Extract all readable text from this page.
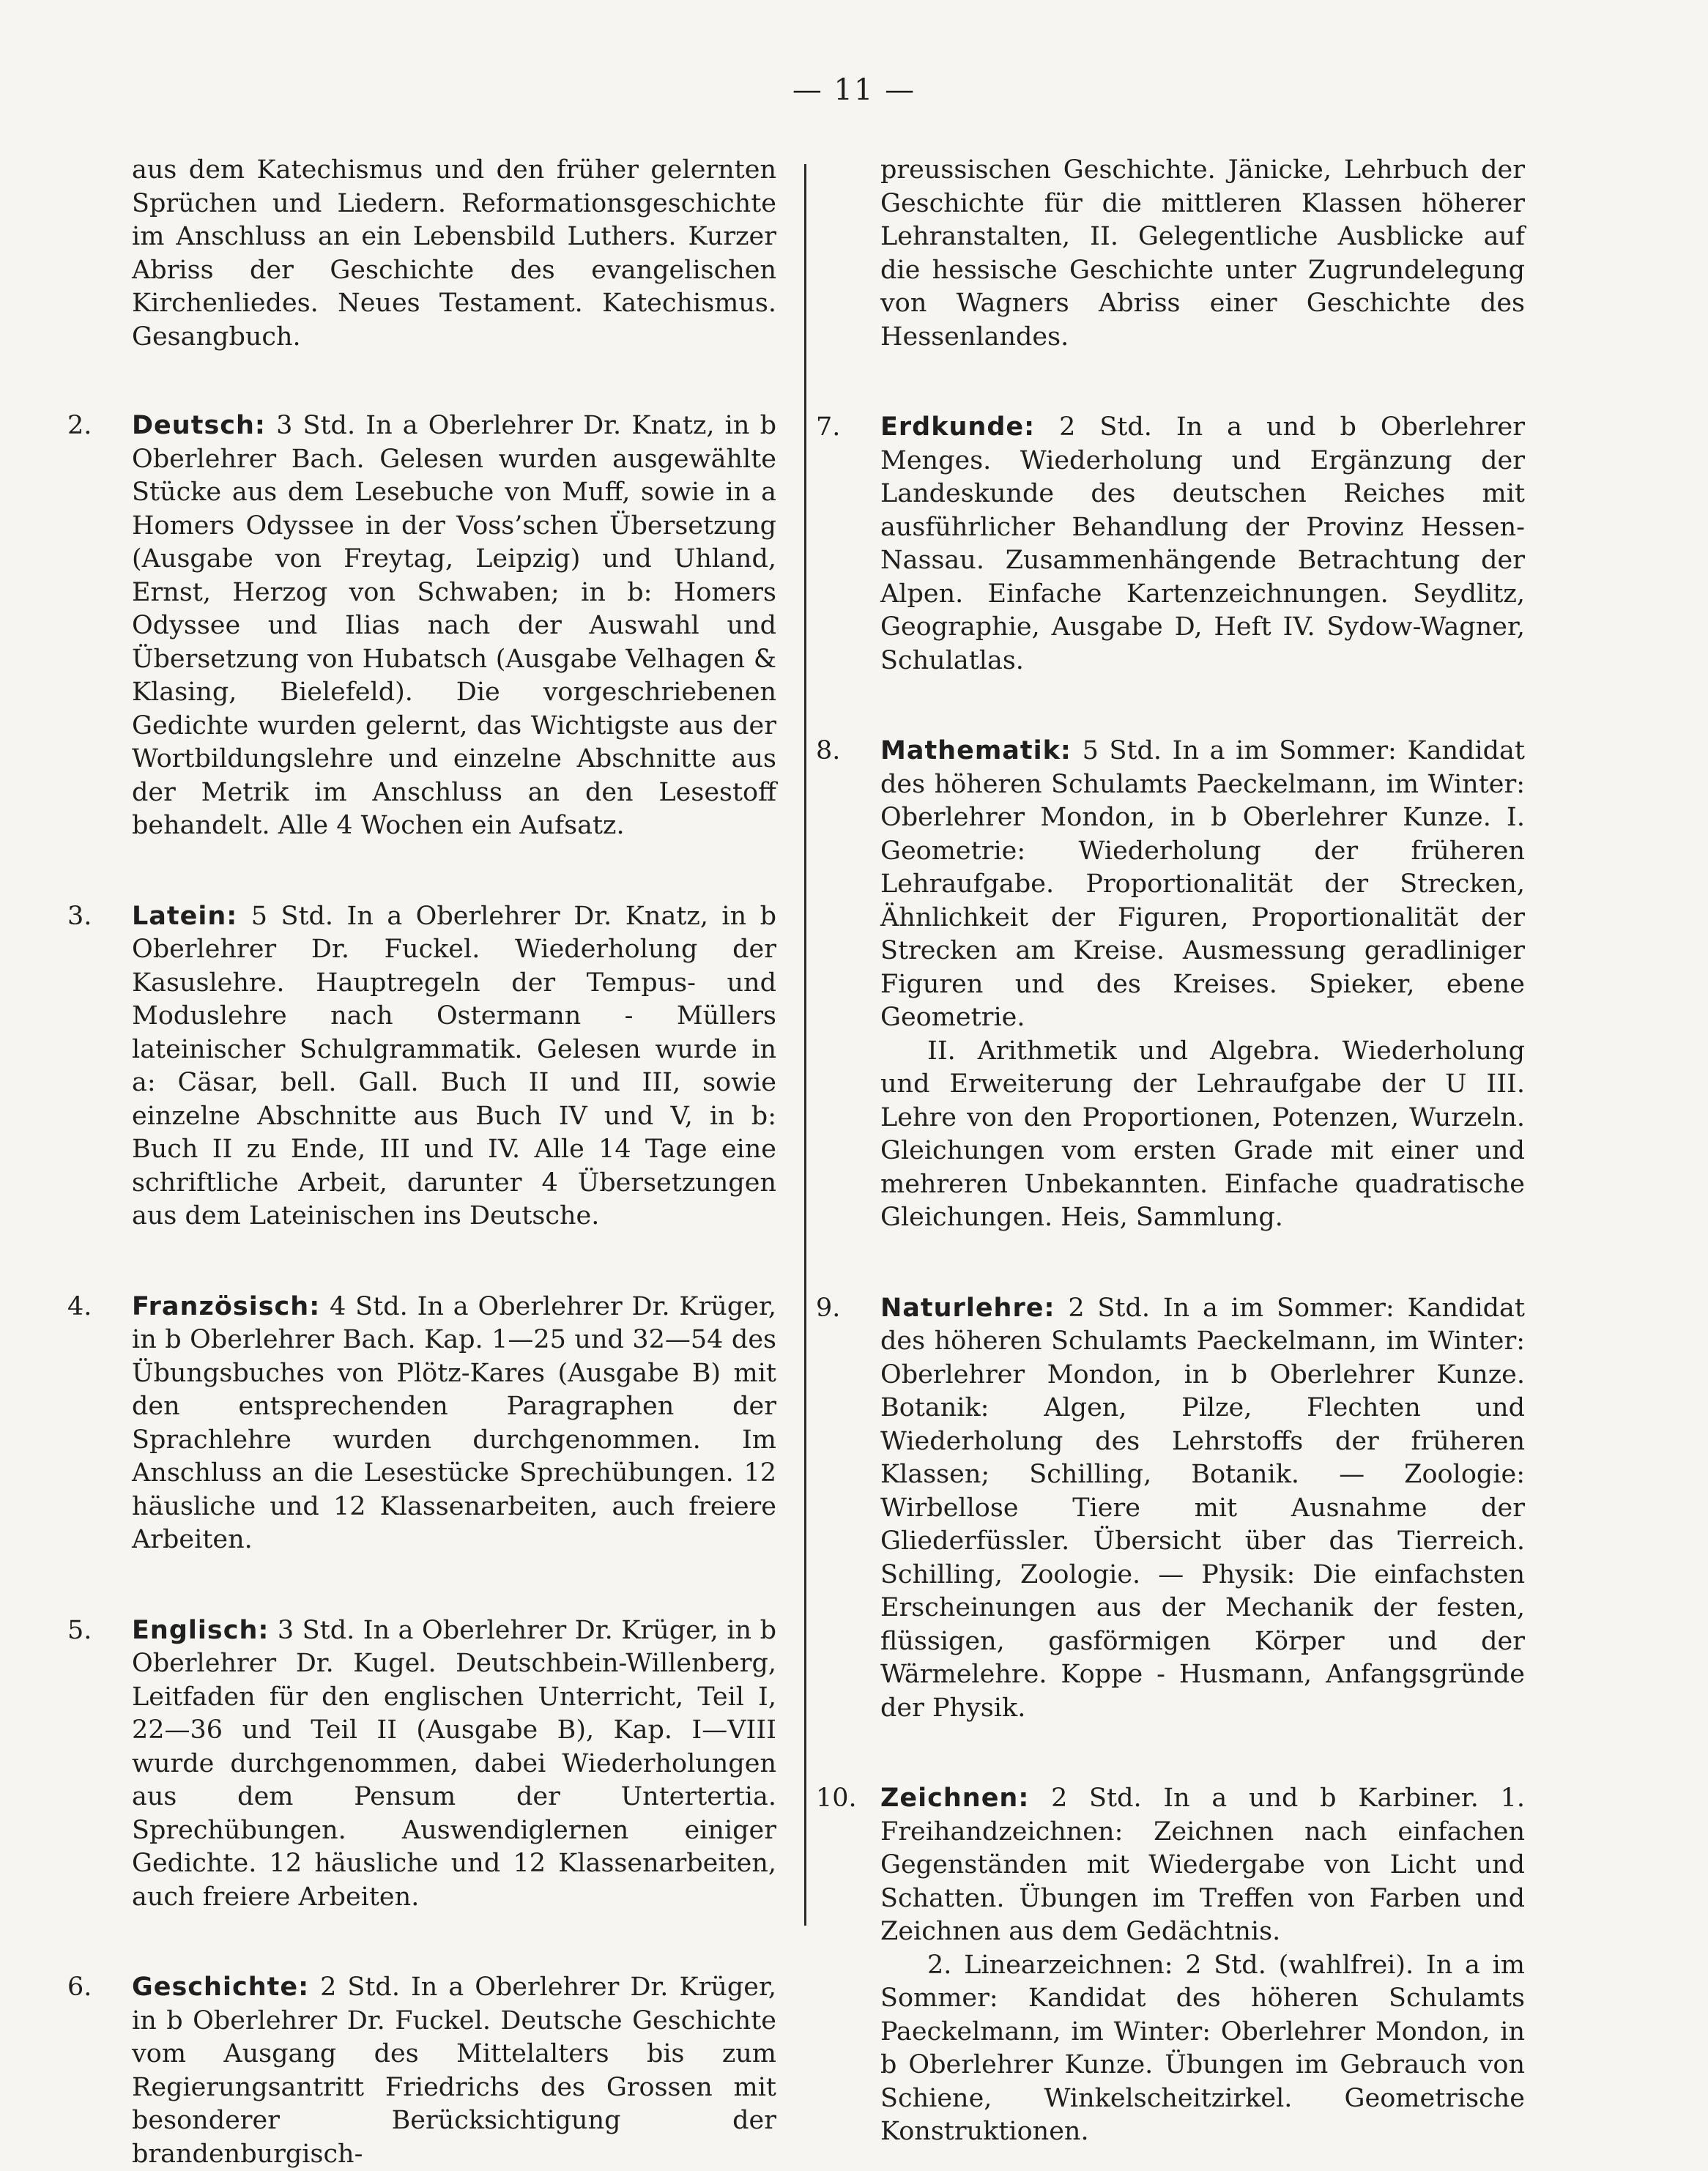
— 11 —

aus dem Katechismus und den früher gelernten Sprüchen und Liedern. Reformationsgeschichte im Anschluss an ein Lebensbild Luthers. Kurzer Abriss der Geschichte des evangelischen Kirchenliedes. Neues Testament. Katechismus. Gesangbuch.

2.	Deutsch: 3 Std. In a Oberlehrer Dr. Knatz, in b Oberlehrer Bach. Gelesen wurden ausgewählte Stücke aus dem Lesebuche von Muff, sowie in a Homers Odyssee in der Voss’schen Übersetzung (Ausgabe von Freytag, Leipzig) und Uhland, Ernst, Herzog von Schwaben; in b: Homers Odyssee und Ilias nach der Auswahl und Übersetzung von Hubatsch (Ausgabe Velhagen & Klasing, Bielefeld). Die vorgeschriebenen Gedichte wurden gelernt, das Wichtigste aus der Wortbildungslehre und einzelne Abschnitte aus der Metrik im Anschluss an den Lesestoff behandelt. Alle 4 Wochen ein Aufsatz.
3.	Latein: 5 Std. In a Oberlehrer Dr. Knatz, in b Oberlehrer Dr. Fuckel. Wiederholung der Kasuslehre. Hauptregeln der Tempus- und Moduslehre nach Ostermann - Müllers lateinischer Schulgrammatik. Gelesen wurde in a: Cäsar, bell. Gall. Buch II und III, sowie einzelne Abschnitte aus Buch IV und V, in b: Buch II zu Ende, III und IV. Alle 14 Tage eine schriftliche Arbeit, darunter 4 Übersetzungen aus dem Lateinischen ins Deutsche.
4.	Französisch: 4 Std. In a Oberlehrer Dr. Krüger, in b Oberlehrer Bach. Kap. 1—25 und 32—54 des Übungsbuches von Plötz-Kares (Ausgabe B) mit den entsprechenden Paragraphen der Sprachlehre wurden durchgenommen. Im Anschluss an die Lesestücke Sprechübungen. 12 häusliche und 12 Klassenarbeiten, auch freiere Arbeiten.
5.	Englisch: 3 Std. In a Oberlehrer Dr. Krüger, in b Oberlehrer Dr. Kugel. Deutschbein-Willenberg, Leitfaden für den englischen Unterricht, Teil I, 22—36 und Teil II (Ausgabe B), Kap. I—VIII wurde durchgenommen, dabei Wiederholungen aus dem Pensum der Untertertia. Sprechübungen. Auswendiglernen einiger Gedichte. 12 häusliche und 12 Klassenarbeiten, auch freiere Arbeiten.
6.	Geschichte: 2 Std. In a Oberlehrer Dr. Krüger, in b Oberlehrer Dr. Fuckel. Deutsche Geschichte vom Ausgang des Mittelalters bis zum Regierungsantritt Friedrichs des Grossen mit besonderer Berücksichtigung der brandenburgisch-

preussischen Geschichte. Jänicke, Lehrbuch der Geschichte für die mittleren Klassen höherer Lehranstalten, II. Gelegentliche Ausblicke auf die hessische Geschichte unter Zugrundelegung von Wagners Abriss einer Geschichte des Hessenlandes.

7.	Erdkunde: 2 Std. In a und b Oberlehrer Menges. Wiederholung und Ergänzung der Landeskunde des deutschen Reiches mit ausführlicher Behandlung der Provinz Hessen-Nassau. Zusammenhängende Betrachtung der Alpen. Einfache Kartenzeichnungen. Seydlitz, Geographie, Ausgabe D, Heft IV. Sydow-Wagner, Schulatlas.
8.	Mathematik: 5 Std. In a im Sommer: Kandidat des höheren Schulamts Paeckelmann, im Winter: Oberlehrer Mondon, in b Oberlehrer Kunze. I. Geometrie: Wiederholung der früheren Lehraufgabe. Proportionalität der Strecken, Ähnlichkeit der Figuren, Proportionalität der Strecken am Kreise. Ausmessung geradliniger Figuren und des Kreises. Spieker, ebene Geometrie.

II. Arithmetik und Algebra. Wiederholung und Erweiterung der Lehraufgabe der U III. Lehre von den Proportionen, Potenzen, Wurzeln. Gleichungen vom ersten Grade mit einer und mehreren Unbekannten. Einfache quadratische Gleichungen. Heis, Sammlung.

9.	Naturlehre: 2 Std. In a im Sommer: Kandidat des höheren Schulamts Paeckelmann, im Winter: Oberlehrer Mondon, in b Oberlehrer Kunze. Botanik: Algen, Pilze, Flechten und Wiederholung des Lehrstoffs der früheren Klassen; Schilling, Botanik. — Zoologie: Wirbellose Tiere mit Ausnahme der Gliederfüssler. Übersicht über das Tierreich. Schilling, Zoologie. — Physik: Die einfachsten Erscheinungen aus der Mechanik der festen, flüssigen, gasförmigen Körper und der Wärmelehre. Koppe - Husmann, Anfangsgründe der Physik.
10. Zeichnen: 2 Std. In a und b Karbiner. 1. Freihandzeichnen: Zeichnen nach einfachen Gegenständen mit Wiedergabe von Licht und Schatten. Übungen im Treffen von Farben und Zeichnen aus dem Gedächtnis.

2. Linearzeichnen: 2 Std. (wahlfrei). In a im Sommer: Kandidat des höheren Schulamts Paeckelmann, im Winter: Oberlehrer Mondon, in b Oberlehrer Kunze. Übungen im Gebrauch von Schiene, Winkelscheitzirkel. Geometrische Konstruktionen.
